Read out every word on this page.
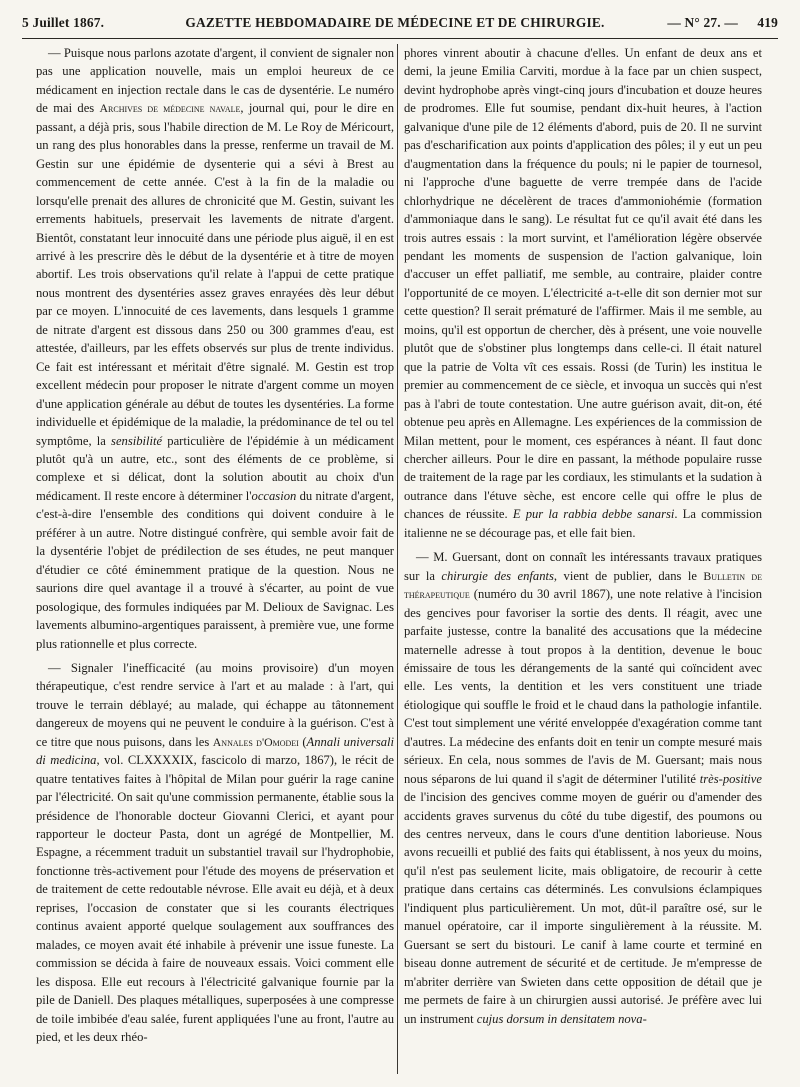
5 Juillet 1867.	GAZETTE HEBDOMADAIRE DE MÉDECINE ET DE CHIRURGIE.	— N° 27. —	419

— Puisque nous parlons azotate d'argent, il convient de signaler non pas une application nouvelle, mais un emploi heureux de ce médicament en injection rectale dans le cas de dysentérie. Le numéro de mai des Archives de médecine navale, journal qui, pour le dire en passant, a déjà pris, sous l'habile direction de M. Le Roy de Méricourt, un rang des plus honorables dans la presse, renferme un travail de M. Gestin sur une épidémie de dysenterie qui a sévi à Brest au commencement de cette année. C'est à la fin de la maladie ou lorsqu'elle prenait des allures de chronicité que M. Gestin, suivant les errements habituels, preservait les lavements de nitrate d'argent. Bientôt, constatant leur innocuité dans une période plus aiguë, il en est arrivé à les prescrire dès le début de la dysentérie et à titre de moyen abortif. Les trois observations qu'il relate à l'appui de cette pratique nous montrent des dysentéries assez graves enrayées dès leur début par ce moyen. L'innocuité de ces lavements, dans lesquels 1 gramme de nitrate d'argent est dissous dans 250 ou 300 grammes d'eau, est attestée, d'ailleurs, par les effets observés sur plus de trente individus. Ce fait est intéressant et méritait d'être signalé. M. Gestin est trop excellent médecin pour proposer le nitrate d'argent comme un moyen d'une application générale au début de toutes les dysentéries. La forme individuelle et épidémique de la maladie, la prédominance de tel ou tel symptôme, la sensibilité particulière de l'épidémie à un médicament plutôt qu'à un autre, etc., sont des éléments de ce problème, si complexe et si délicat, dont la solution aboutit au choix d'un médicament. Il reste encore à déterminer l'occasion du nitrate d'argent, c'est-à-dire l'ensemble des conditions qui doivent conduire à le préférer à un autre. Notre distingué confrère, qui semble avoir fait de la dysentérie l'objet de prédilection de ses études, ne peut manquer d'étudier ce côté éminemment pratique de la question. Nous ne saurions dire quel avantage il a trouvé à s'écarter, au point de vue posologique, des formules indiquées par M. Delioux de Savignac. Les lavements albumino-argentiques paraissent, à première vue, une forme plus rationnelle et plus correcte.

— Signaler l'inefficacité (au moins provisoire) d'un moyen thérapeutique, c'est rendre service à l'art et au malade : à l'art, qui trouve le terrain déblayé; au malade, qui échappe au tâtonnement dangereux de moyens qui ne peuvent le conduire à la guérison. C'est à ce titre que nous puisons, dans les Annales d'Omodei (Annali universali di medicina, vol. CLXXXXIX, fascicolo di marzo, 1867), le récit de quatre tentatives faites à l'hôpital de Milan pour guérir la rage canine par l'électricité. On sait qu'une commission permanente, établie sous la présidence de l'honorable docteur Giovanni Clerici, et ayant pour rapporteur le docteur Pasta, dont un agrégé de Montpellier, M. Espagne, a récemment traduit un substantiel travail sur l'hydrophobie, fonctionne très-activement pour l'étude des moyens de préservation et de traitement de cette redoutable névrose. Elle avait eu déjà, et à deux reprises, l'occasion de constater que si les courants électriques continus avaient apporté quelque soulagement aux souffrances des malades, ce moyen avait été inhabile à prévenir une issue funeste. La commission se décida à faire de nouveaux essais. Voici comment elle les disposa. Elle eut recours à l'électricité galvanique fournie par la pile de Daniell. Des plaques métalliques, superposées à une compresse de toile imbibée d'eau salée, furent appliquées l'une au front, l'autre au pied, et les deux rhéo-

phores vinrent aboutir à chacune d'elles. Un enfant de deux ans et demi, la jeune Emilia Carviti, mordue à la face par un chien suspect, devint hydrophobe après vingt-cinq jours d'incubation et douze heures de prodromes. Elle fut soumise, pendant dix-huit heures, à l'action galvanique d'une pile de 12 éléments d'abord, puis de 20. Il ne survint pas d'escharification aux points d'application des pôles; il y eut un peu d'augmentation dans la fréquence du pouls; ni le papier de tournesol, ni l'approche d'une baguette de verre trempée dans de l'acide chlorhydrique ne décelèrent de traces d'ammoniohémie (formation d'ammoniaque dans le sang). Le résultat fut ce qu'il avait été dans les trois autres essais : la mort survint, et l'amélioration légère observée pendant les moments de suspension de l'action galvanique, loin d'accuser un effet palliatif, me semble, au contraire, plaider contre l'opportunité de ce moyen. L'électricité a-t-elle dit son dernier mot sur cette question? Il serait prématuré de l'affirmer. Mais il me semble, au moins, qu'il est opportun de chercher, dès à présent, une voie nouvelle plutôt que de s'obstiner plus longtemps dans celle-ci. Il était naturel que la patrie de Volta vît ces essais. Rossi (de Turin) les institua le premier au commencement de ce siècle, et invoqua un succès qui n'est pas à l'abri de toute contestation. Une autre guérison avait, dit-on, été obtenue peu après en Allemagne. Les expériences de la commission de Milan mettent, pour le moment, ces espérances à néant. Il faut donc chercher ailleurs. Pour le dire en passant, la méthode populaire russe de traitement de la rage par les cordiaux, les stimulants et la sudation à outrance dans l'étuve sèche, est encore celle qui offre le plus de chances de réussite. E pur la rabbia debbe sanarsi. La commission italienne ne se décourage pas, et elle fait bien.

— M. Guersant, dont on connaît les intéressants travaux pratiques sur la chirurgie des enfants, vient de publier, dans le Bulletin de thérapeutique (numéro du 30 avril 1867), une note relative à l'incision des gencives pour favoriser la sortie des dents. Il réagit, avec une parfaite justesse, contre la banalité des accusations que la médecine maternelle adresse à tout propos à la dentition, devenue le bouc émissaire de tous les dérangements de la santé qui coïncident avec elle. Les vents, la dentition et les vers constituent une triade étiologique qui souffle le froid et le chaud dans la pathologie infantile. C'est tout simplement une vérité enveloppée d'exagération comme tant d'autres. La médecine des enfants doit en tenir un compte mesuré mais sérieux. En cela, nous sommes de l'avis de M. Guersant; mais nous nous séparons de lui quand il s'agit de déterminer l'utilité très-positive de l'incision des gencives comme moyen de guérir ou d'amender des accidents graves survenus du côté du tube digestif, des poumons ou des centres nerveux, dans le cours d'une dentition laborieuse. Nous avons recueilli et publié des faits qui établissent, à nos yeux du moins, qu'il n'est pas seulement licite, mais obligatoire, de recourir à cette pratique dans certains cas déterminés. Les convulsions éclampiques l'indiquent plus particulièrement. Un mot, dût-il paraître osé, sur le manuel opératoire, car il importe singulièrement à la réussite. M. Guersant se sert du bistouri. Le canif à lame courte et terminé en biseau donne autrement de sécurité et de certitude. Je m'empresse de m'abriter derrière van Swieten dans cette opposition de détail que je me permets de faire à un chirurgien aussi autorisé. Je préfère avec lui un instrument cujus dorsum in densitatem nova-
